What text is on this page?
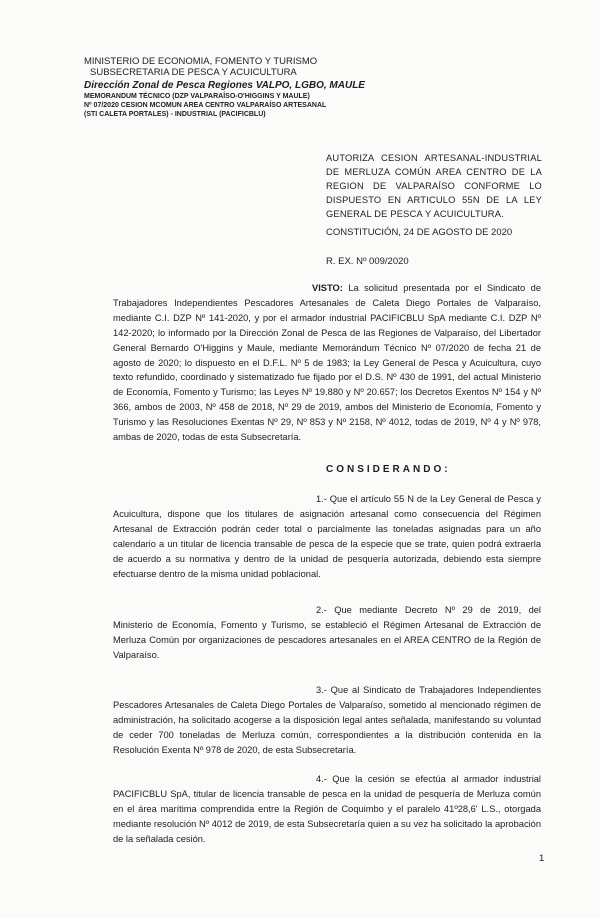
MINISTERIO DE ECONOMIA, FOMENTO Y TURISMO
SUBSECRETARIA DE PESCA Y ACUICULTURA
Dirección Zonal de Pesca Regiones VALPO, LGBO, MAULE
MEMORANDUM TÉCNICO (DZP VALPARAÍSO-O'HIGGINS Y MAULE)
Nº 07/2020 CESION MCOMUN AREA CENTRO VALPARAÍSO ARTESANAL
(STI CALETA PORTALES) - INDUSTRIAL (PACIFICBLU)
AUTORIZA CESION ARTESANAL-INDUSTRIAL DE MERLUZA COMÚN AREA CENTRO DE LA REGION DE VALPARAÍSO CONFORME LO DISPUESTO EN ARTICULO 55N DE LA LEY GENERAL DE PESCA Y ACUICULTURA.
CONSTITUCIÓN, 24 DE AGOSTO DE 2020
R. EX. Nº 009/2020
VISTO: La solicitud presentada por el Sindicato de Trabajadores Independientes Pescadores Artesanales de Caleta Diego Portales de Valparaíso, mediante C.I. DZP Nº 141-2020, y por el armador industrial PACIFICBLU SpA mediante C.I. DZP Nº 142-2020; lo informado por la Dirección Zonal de Pesca de las Regiones de Valparaíso, del Libertador General Bernardo O'Higgins y Maule, mediante Memorándum Técnico Nº 07/2020 de fecha 21 de agosto de 2020; lo dispuesto en el D.F.L. Nº 5 de 1983; la Ley General de Pesca y Acuicultura, cuyo texto refundido, coordinado y sistematizado fue fijado por el D.S. Nº 430 de 1991, del actual Ministerio de Economía, Fomento y Turismo; las Leyes Nº 19.880 y Nº 20.657; los Decretos Exentos Nº 154 y Nº 366, ambos de 2003, Nº 458 de 2018, Nº 29 de 2019, ambos del Ministerio de Economía, Fomento y Turismo y las Resoluciones Exentas Nº 29, Nº 853 y Nº 2158, Nº 4012, todas de 2019, Nº 4 y Nº 978, ambas de 2020, todas de esta Subsecretaría.
CONSIDERANDO:
1.- Que el artículo 55 N de la Ley General de Pesca y Acuicultura, dispone que los titulares de asignación artesanal como consecuencia del Régimen Artesanal de Extracción podrán ceder total o parcialmente las toneladas asignadas para un año calendario a un titular de licencia transable de pesca de la especie que se trate, quien podrá extraerla de acuerdo a su normativa y dentro de la unidad de pesquería autorizada, debiendo esta siempre efectuarse dentro de la misma unidad poblacional.
2.- Que mediante Decreto Nº 29 de 2019, del Ministerio de Economía, Fomento y Turismo, se estableció el Régimen Artesanal de Extracción de Merluza Común por organizaciones de pescadores artesanales en el AREA CENTRO de la Región de Valparaíso.
3.- Que al Sindicato de Trabajadores Independientes Pescadores Artesanales de Caleta Diego Portales de Valparaíso, sometido al mencionado régimen de administración, ha solicitado acogerse a la disposición legal antes señalada, manifestando su voluntad de ceder 700 toneladas de Merluza común, correspondientes a la distribución contenida en la Resolución Exenta Nº 978 de 2020, de esta Subsecretaría.
4.- Que la cesión se efectúa al armador industrial PACIFICBLU SpA, titular de licencia transable de pesca en la unidad de pesquería de Merluza común en el área marítima comprendida entre la Región de Coquimbo y el paralelo 41º28,6' L.S., otorgada mediante resolución Nº 4012 de 2019, de esta Subsecretaría quien a su vez ha solicitado la aprobación de la señalada cesión.
1
